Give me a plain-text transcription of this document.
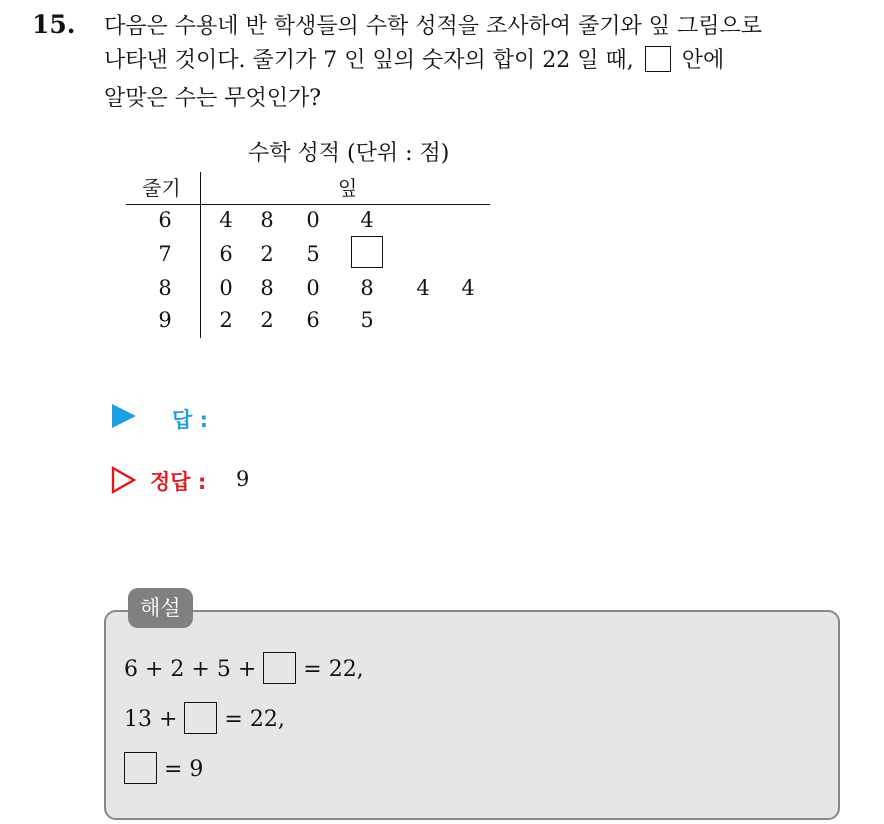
15. 다음은 수용네 반 학생들의 수학 성적을 조사하여 줄기와 잎 그림으로
나타낸 것이다. 줄기가 7 인 잎의 숫자의 합이 22 일 때, 안에
알맞은 수는 무엇인가?
수학 성적 (단위 : 점)
줄기	잎
6 4 8 0 4
7 6 2 5
8 0 8 0 8 4 4
9 2 2 6 5
답 :
정답 : 9
해설
6 + 2 + 5 + = 22,
13 + = 22,
= 9
